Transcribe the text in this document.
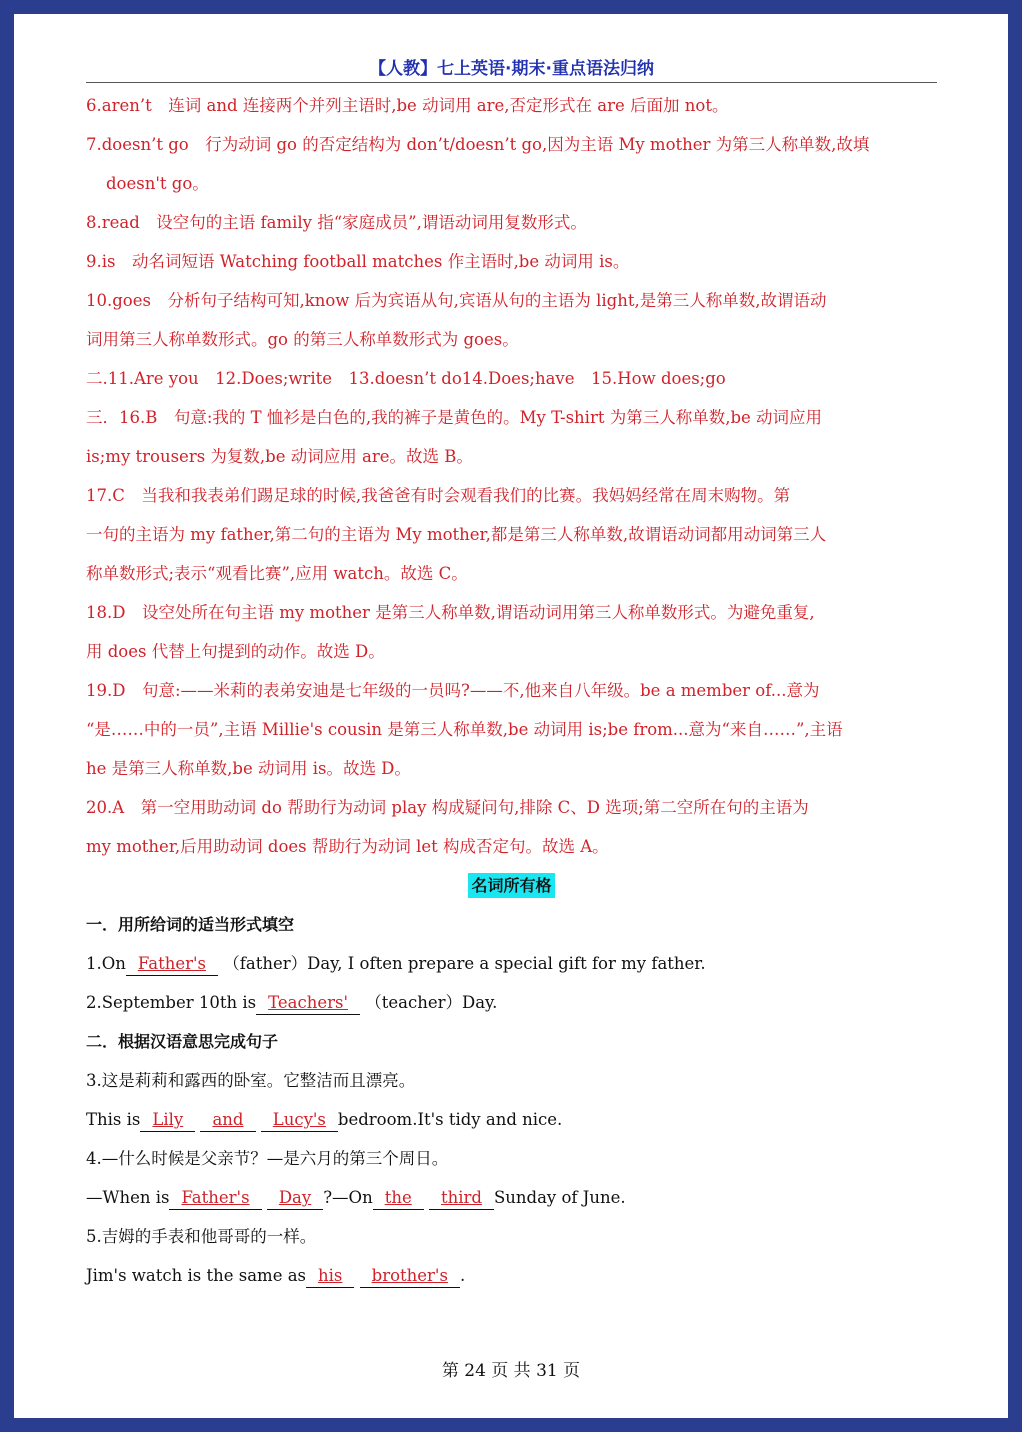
【人教】七上英语·期末·重点语法归纳
6.aren’t　连词 and 连接两个并列主语时,be 动词用 are,否定形式在 are 后面加 not。
7.doesn’t go　行为动词 go 的否定结构为 don’t/doesn’t go,因为主语 My mother 为第三人称单数,故填
doesn't go。
8.read　设空句的主语 family 指“家庭成员”,谓语动词用复数形式。
9.is　动名词短语 Watching football matches 作主语时,be 动词用 is。
10.goes　分析句子结构可知,know 后为宾语从句,宾语从句的主语为 light,是第三人称单数,故谓语动
词用第三人称单数形式。go 的第三人称单数形式为 goes。
二.11.Are you　12.Does;write　13.doesn’t do14.Does;have　15.How does;go
三．16.B　句意:我的 T 恤衫是白色的,我的裤子是黄色的。My T-shirt 为第三人称单数,be 动词应用
is;my trousers 为复数,be 动词应用 are。故选 B。
17.C　当我和我表弟们踢足球的时候,我爸爸有时会观看我们的比赛。我妈妈经常在周末购物。第
一句的主语为 my father,第二句的主语为 My mother,都是第三人称单数,故谓语动词都用动词第三人
称单数形式;表示“观看比赛”,应用 watch。故选 C。
18.D　设空处所在句主语 my mother 是第三人称单数,谓语动词用第三人称单数形式。为避免重复,
用 does 代替上句提到的动作。故选 D。
19.D　句意:——米莉的表弟安迪是七年级的一员吗?——不,他来自八年级。be a member of...意为
“是……中的一员”,主语 Millie's cousin 是第三人称单数,be 动词用 is;be from...意为“来自……”,主语
he 是第三人称单数,be 动词用 is。故选 D。
20.A　第一空用助动词 do 帮助行为动词 play 构成疑问句,排除 C、D 选项;第二空所在句的主语为
my mother,后用助动词 does 帮助行为动词 let 构成否定句。故选 A。
名词所有格
一．用所给词的适当形式填空
1.On Father's （father）Day, I often prepare a special gift for my father.
2.September 10th is Teachers' （teacher）Day.
二．根据汉语意思完成句子
3.这是莉莉和露西的卧室。它整洁而且漂亮。
This is Lily and Lucy's bedroom.It's tidy and nice.
4.—什么时候是父亲节？—是六月的第三个周日。
—When is Father's Day ?—On the third Sunday of June.
5.吉姆的手表和他哥哥的一样。
Jim's watch is the same as his brother's .
第 24 页 共 31 页
